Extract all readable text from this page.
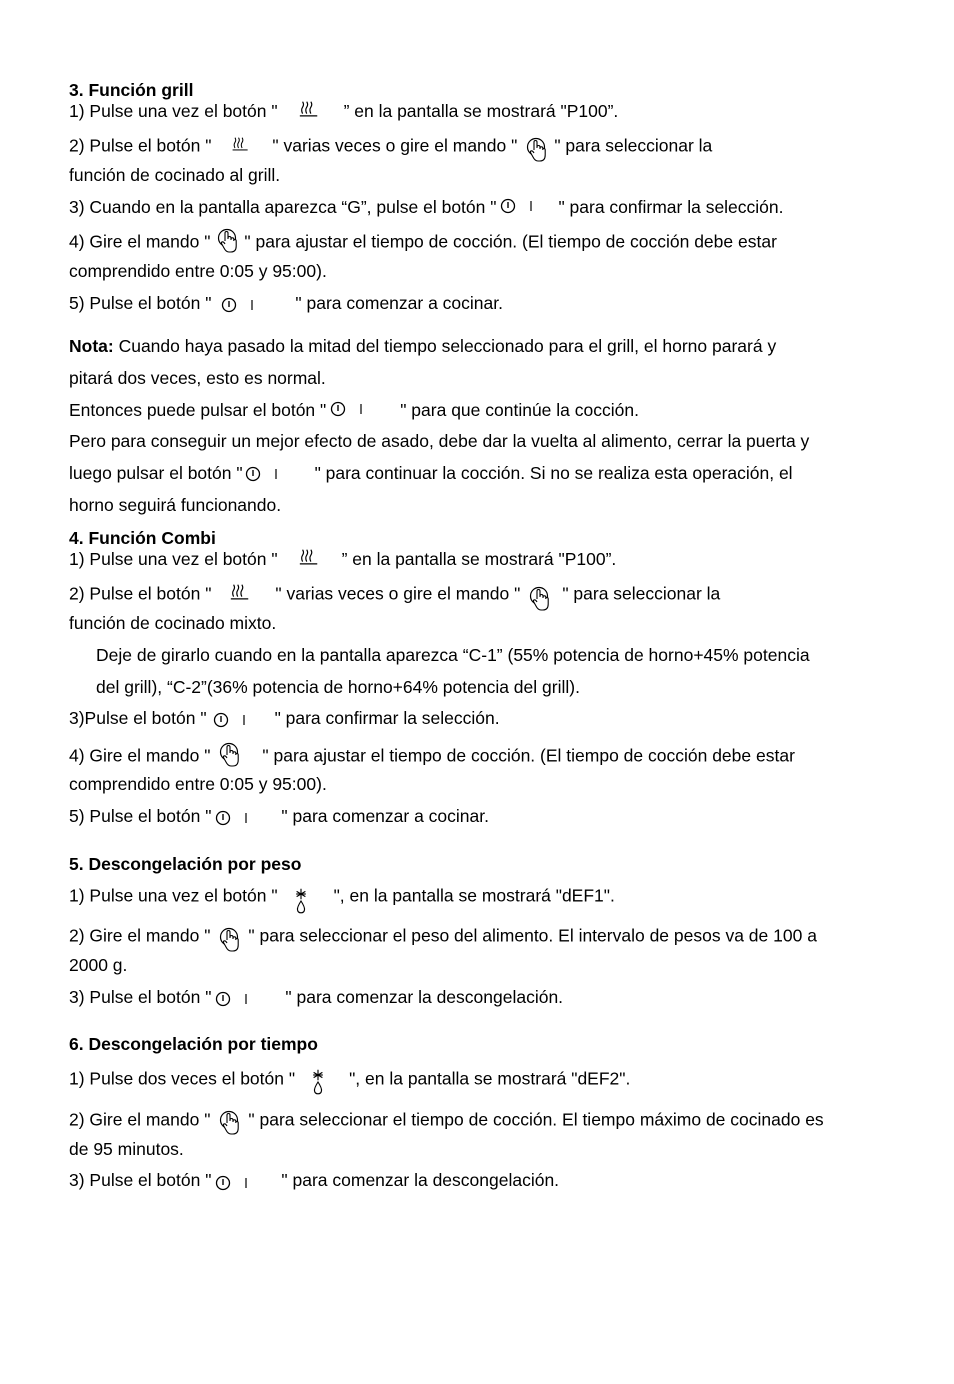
3. Función grill
1) Pulse una vez el botón "	” en la pantalla se mostrará "P100”.
2) Pulse el botón "	" varias veces o gire el mando " " para seleccionar la
función de cocinado al grill.
3) Cuando en la pantalla aparezca “G”, pulse el botón "	" para confirmar la selección.
4) Gire el mando " " para ajustar el tiempo de cocción. (El tiempo de cocción debe estar
comprendido entre 0:05 y 95:00).
5) Pulse el botón "	" para comenzar a cocinar.
Nota: Cuando haya pasado la mitad del tiempo seleccionado para el grill, el horno parará y
pitará dos veces, esto es normal.
Entonces puede pulsar el botón "	" para que continúe la cocción.
Pero para conseguir un mejor efecto de asado, debe dar la vuelta al alimento, cerrar la puerta y
luego pulsar el botón "	" para continuar la cocción. Si no se realiza esta operación, el
horno seguirá funcionando.
4. Función Combi
1) Pulse una vez el botón "	” en la pantalla se mostrará "P100”.
2) Pulse el botón "	" varias veces o gire el mando " " para seleccionar la
función de cocinado mixto.
Deje de girarlo cuando en la pantalla aparezca “C-1” (55% potencia de horno+45% potencia
del grill), “C-2”(36% potencia de horno+64% potencia del grill).
3)Pulse el botón "	" para confirmar la selección.
4) Gire el mando "	" para ajustar el tiempo de cocción. (El tiempo de cocción debe estar
comprendido entre 0:05 y 95:00).
5) Pulse el botón "	" para comenzar a cocinar.
5. Descongelación por peso
1) Pulse una vez el botón "	", en la pantalla se mostrará "dEF1".
2) Gire el mando " " para seleccionar el peso del alimento. El intervalo de pesos va de 100 a
2000 g.
3) Pulse el botón "	" para comenzar la descongelación.
6. Descongelación por tiempo
1) Pulse dos veces el botón "	", en la pantalla se mostrará "dEF2".
2) Gire el mando " " para seleccionar el tiempo de cocción. El tiempo máximo de cocinado es
de 95 minutos.
3) Pulse el botón "	" para comenzar la descongelación.
